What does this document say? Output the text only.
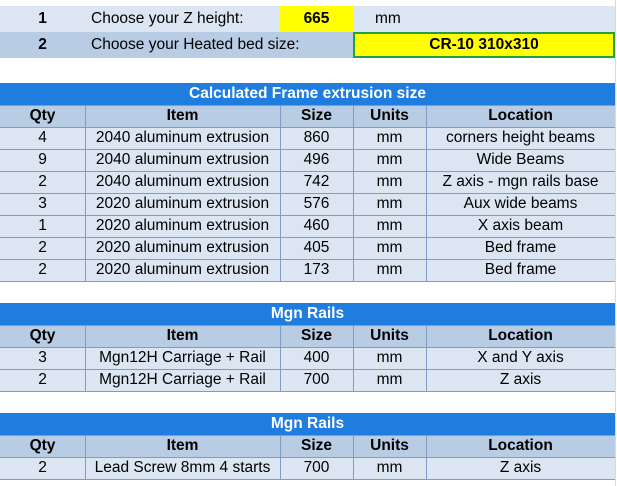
1	Choose your Z height:	665	mm
2	Choose your Heated bed size:	CR-10 310x310
Calculated Frame extrusion size
Qty	Item	Size	Units	Location
4	2040 aluminum extrusion	860	mm	corners height beams
9	2040 aluminum extrusion	496	mm	Wide Beams
2	2040 aluminum extrusion	742	mm	Z axis - mgn rails base
3	2020 aluminum extrusion	576	mm	Aux wide beams
1	2020 aluminum extrusion	460	mm	X axis beam
2	2020 aluminum extrusion	405	mm	Bed frame
2	2020 aluminum extrusion	173	mm	Bed frame
Mgn Rails
Qty	Item	Size	Units	Location
3	Mgn12H Carriage + Rail	400	mm	X and Y axis
2	Mgn12H Carriage + Rail	700	mm	Z axis
Mgn Rails
Qty	Item	Size	Units	Location
2	Lead Screw 8mm 4 starts	700	mm	Z axis
